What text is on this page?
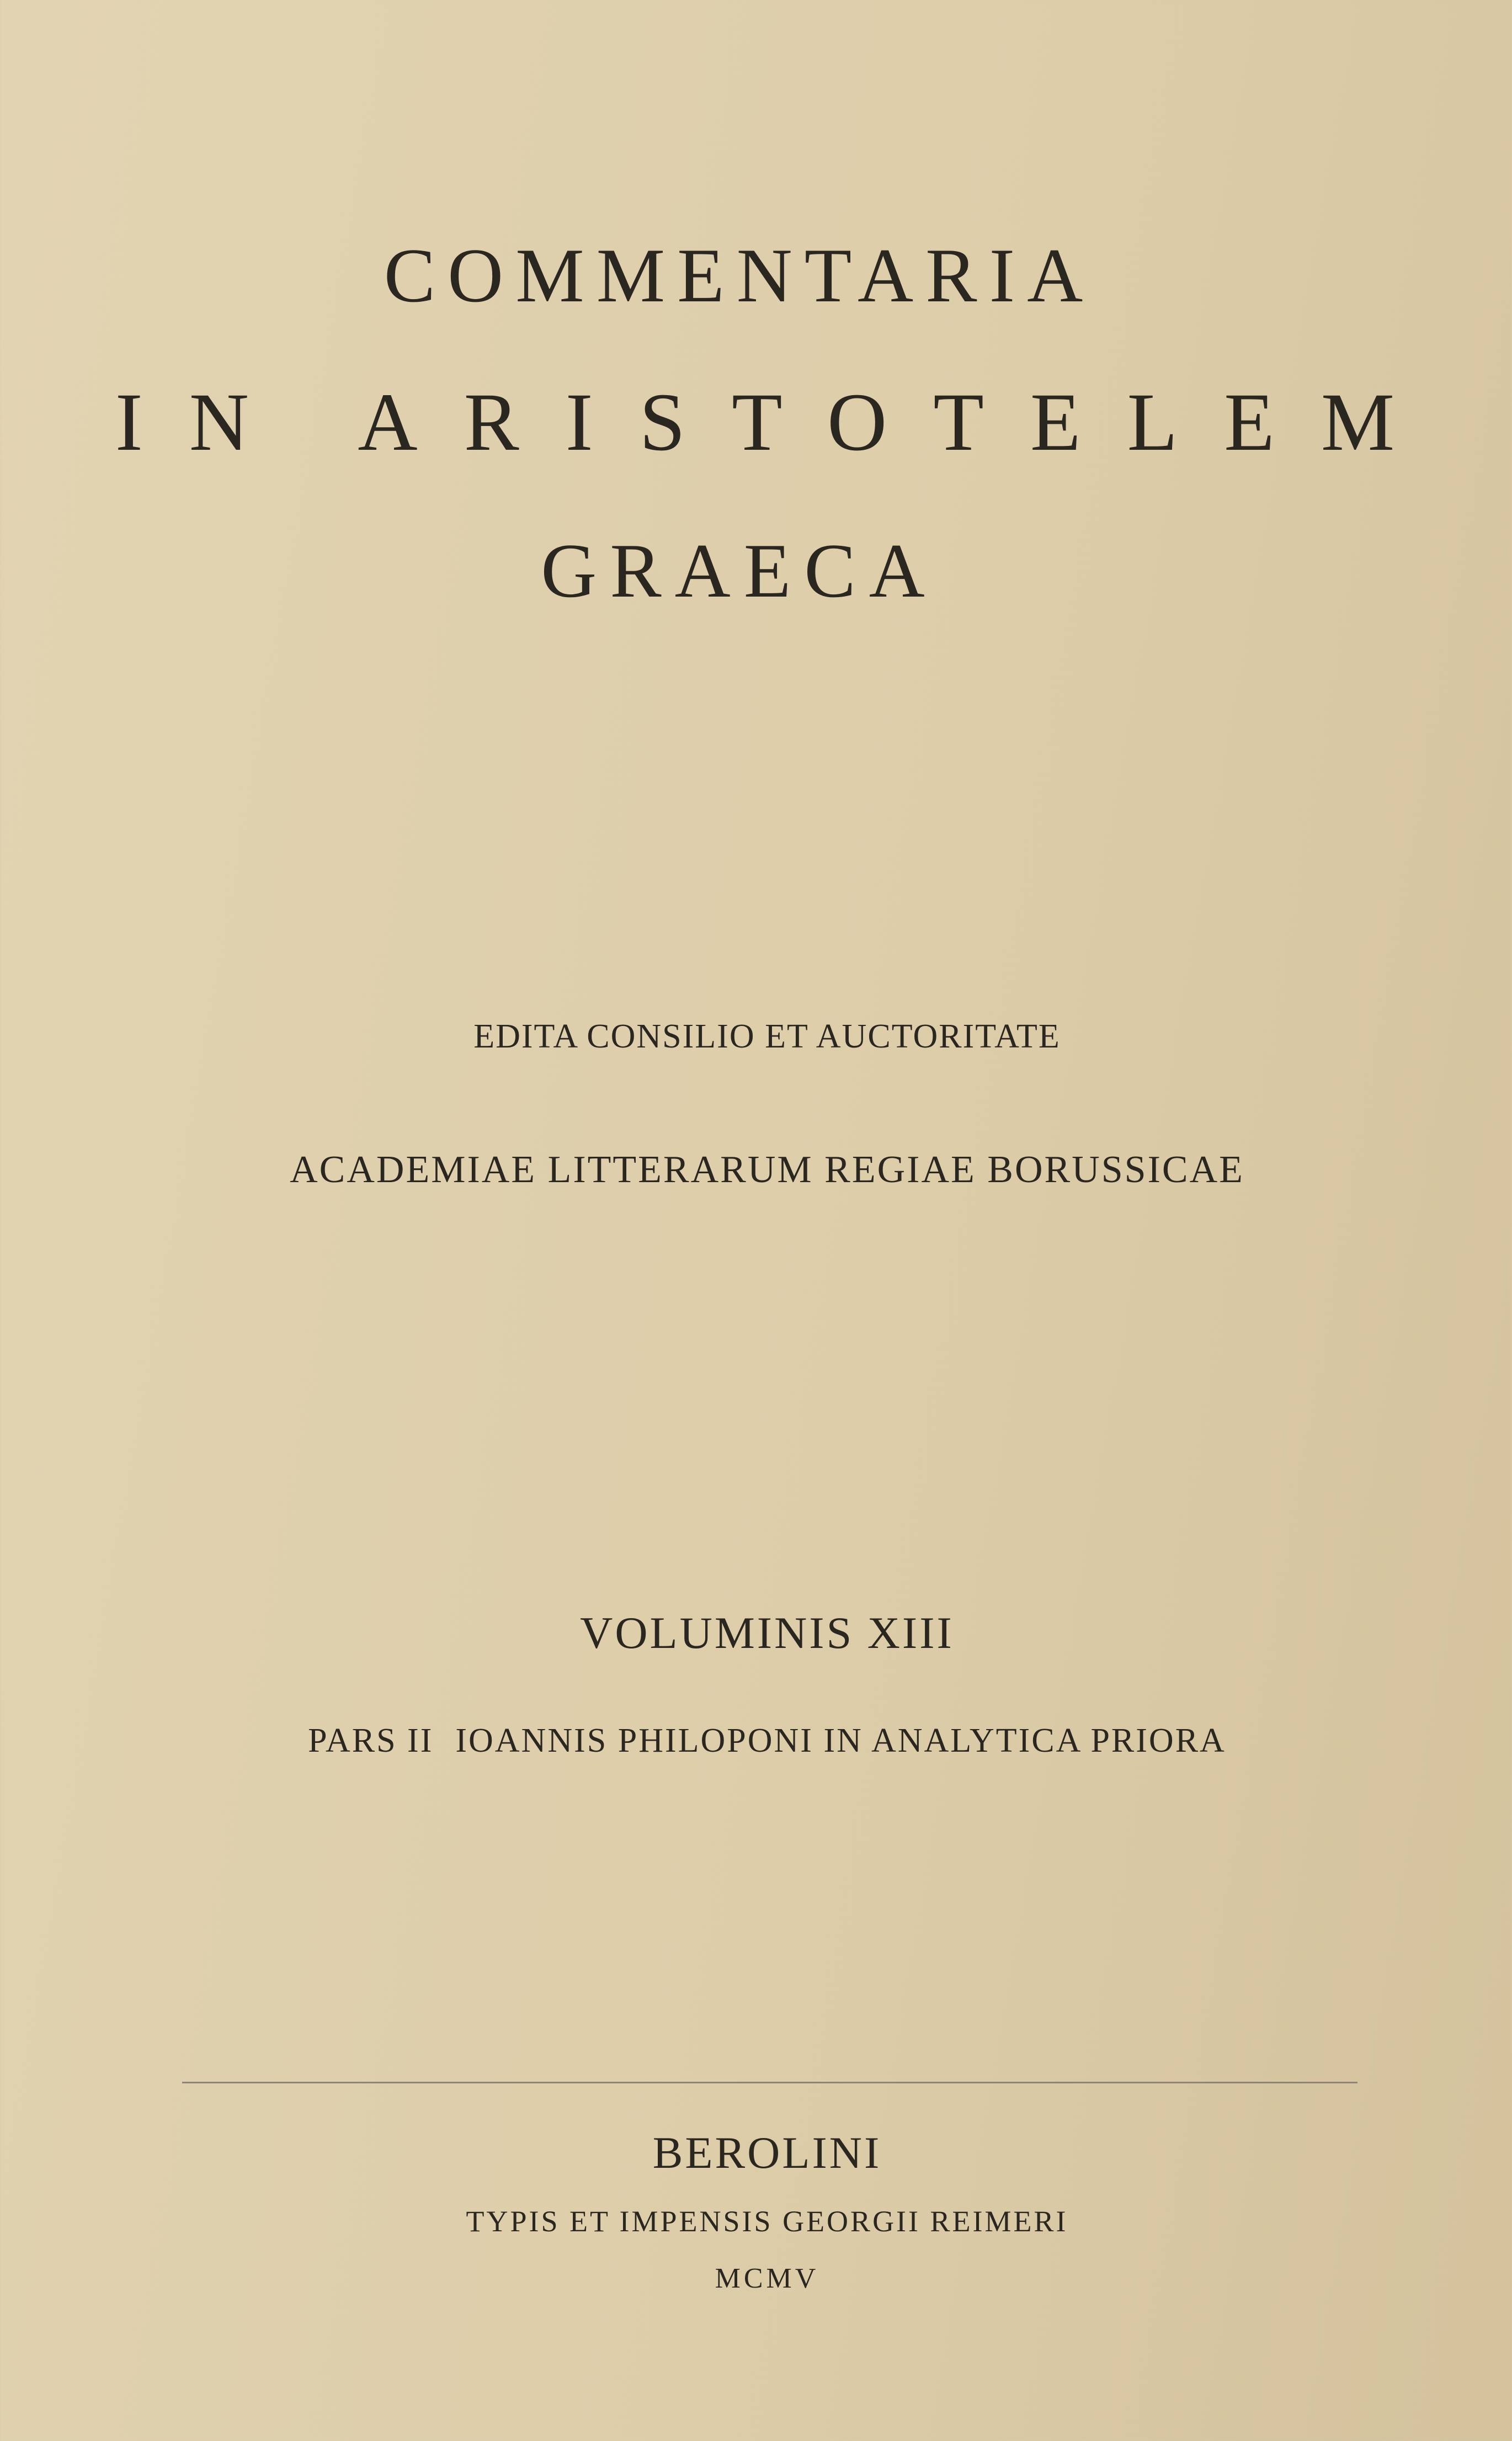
COMMENTARIA
IN ARISTOTELEM
GRAECA
EDITA CONSILIO ET AUCTORITATE
ACADEMIAE LITTERARUM REGIAE BORUSSICAE
VOLUMINIS XIII
PARS II IOANNIS PHILOPONI IN ANALYTICA PRIORA
BEROLINI
TYPIS ET IMPENSIS GEORGII REIMERI
MCMV
